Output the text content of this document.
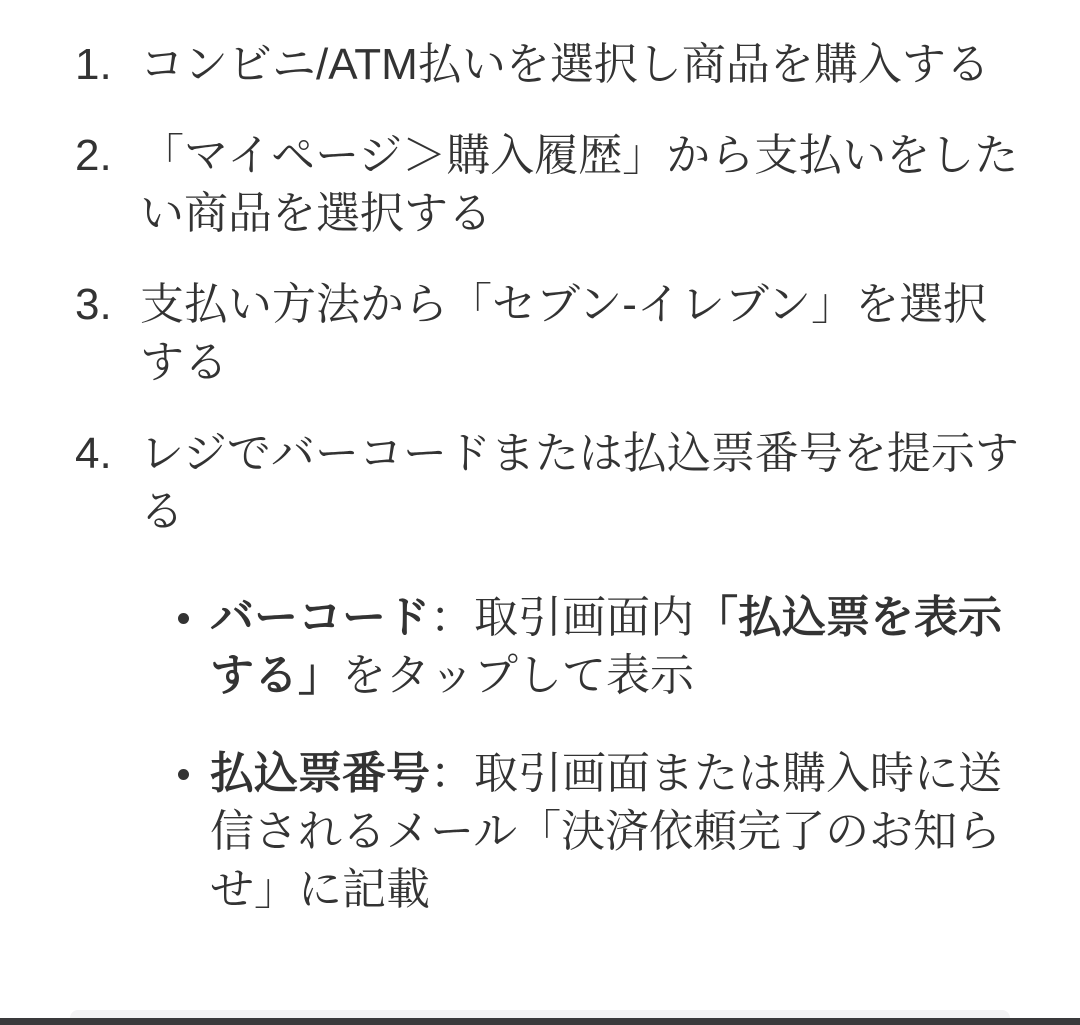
1. コンビニ/ATM払いを選択し商品を購入する
2. 「マイページ＞購入履歴」から支払いをしたい商品を選択する
3. 支払い方法から「セブン-イレブン」を選択する
4. レジでバーコードまたは払込票番号を提示する
バーコード：取引画面内「払込票を表示する」をタップして表示
払込票番号：取引画面または購入時に送信されるメール「決済依頼完了のお知らせ」に記載
